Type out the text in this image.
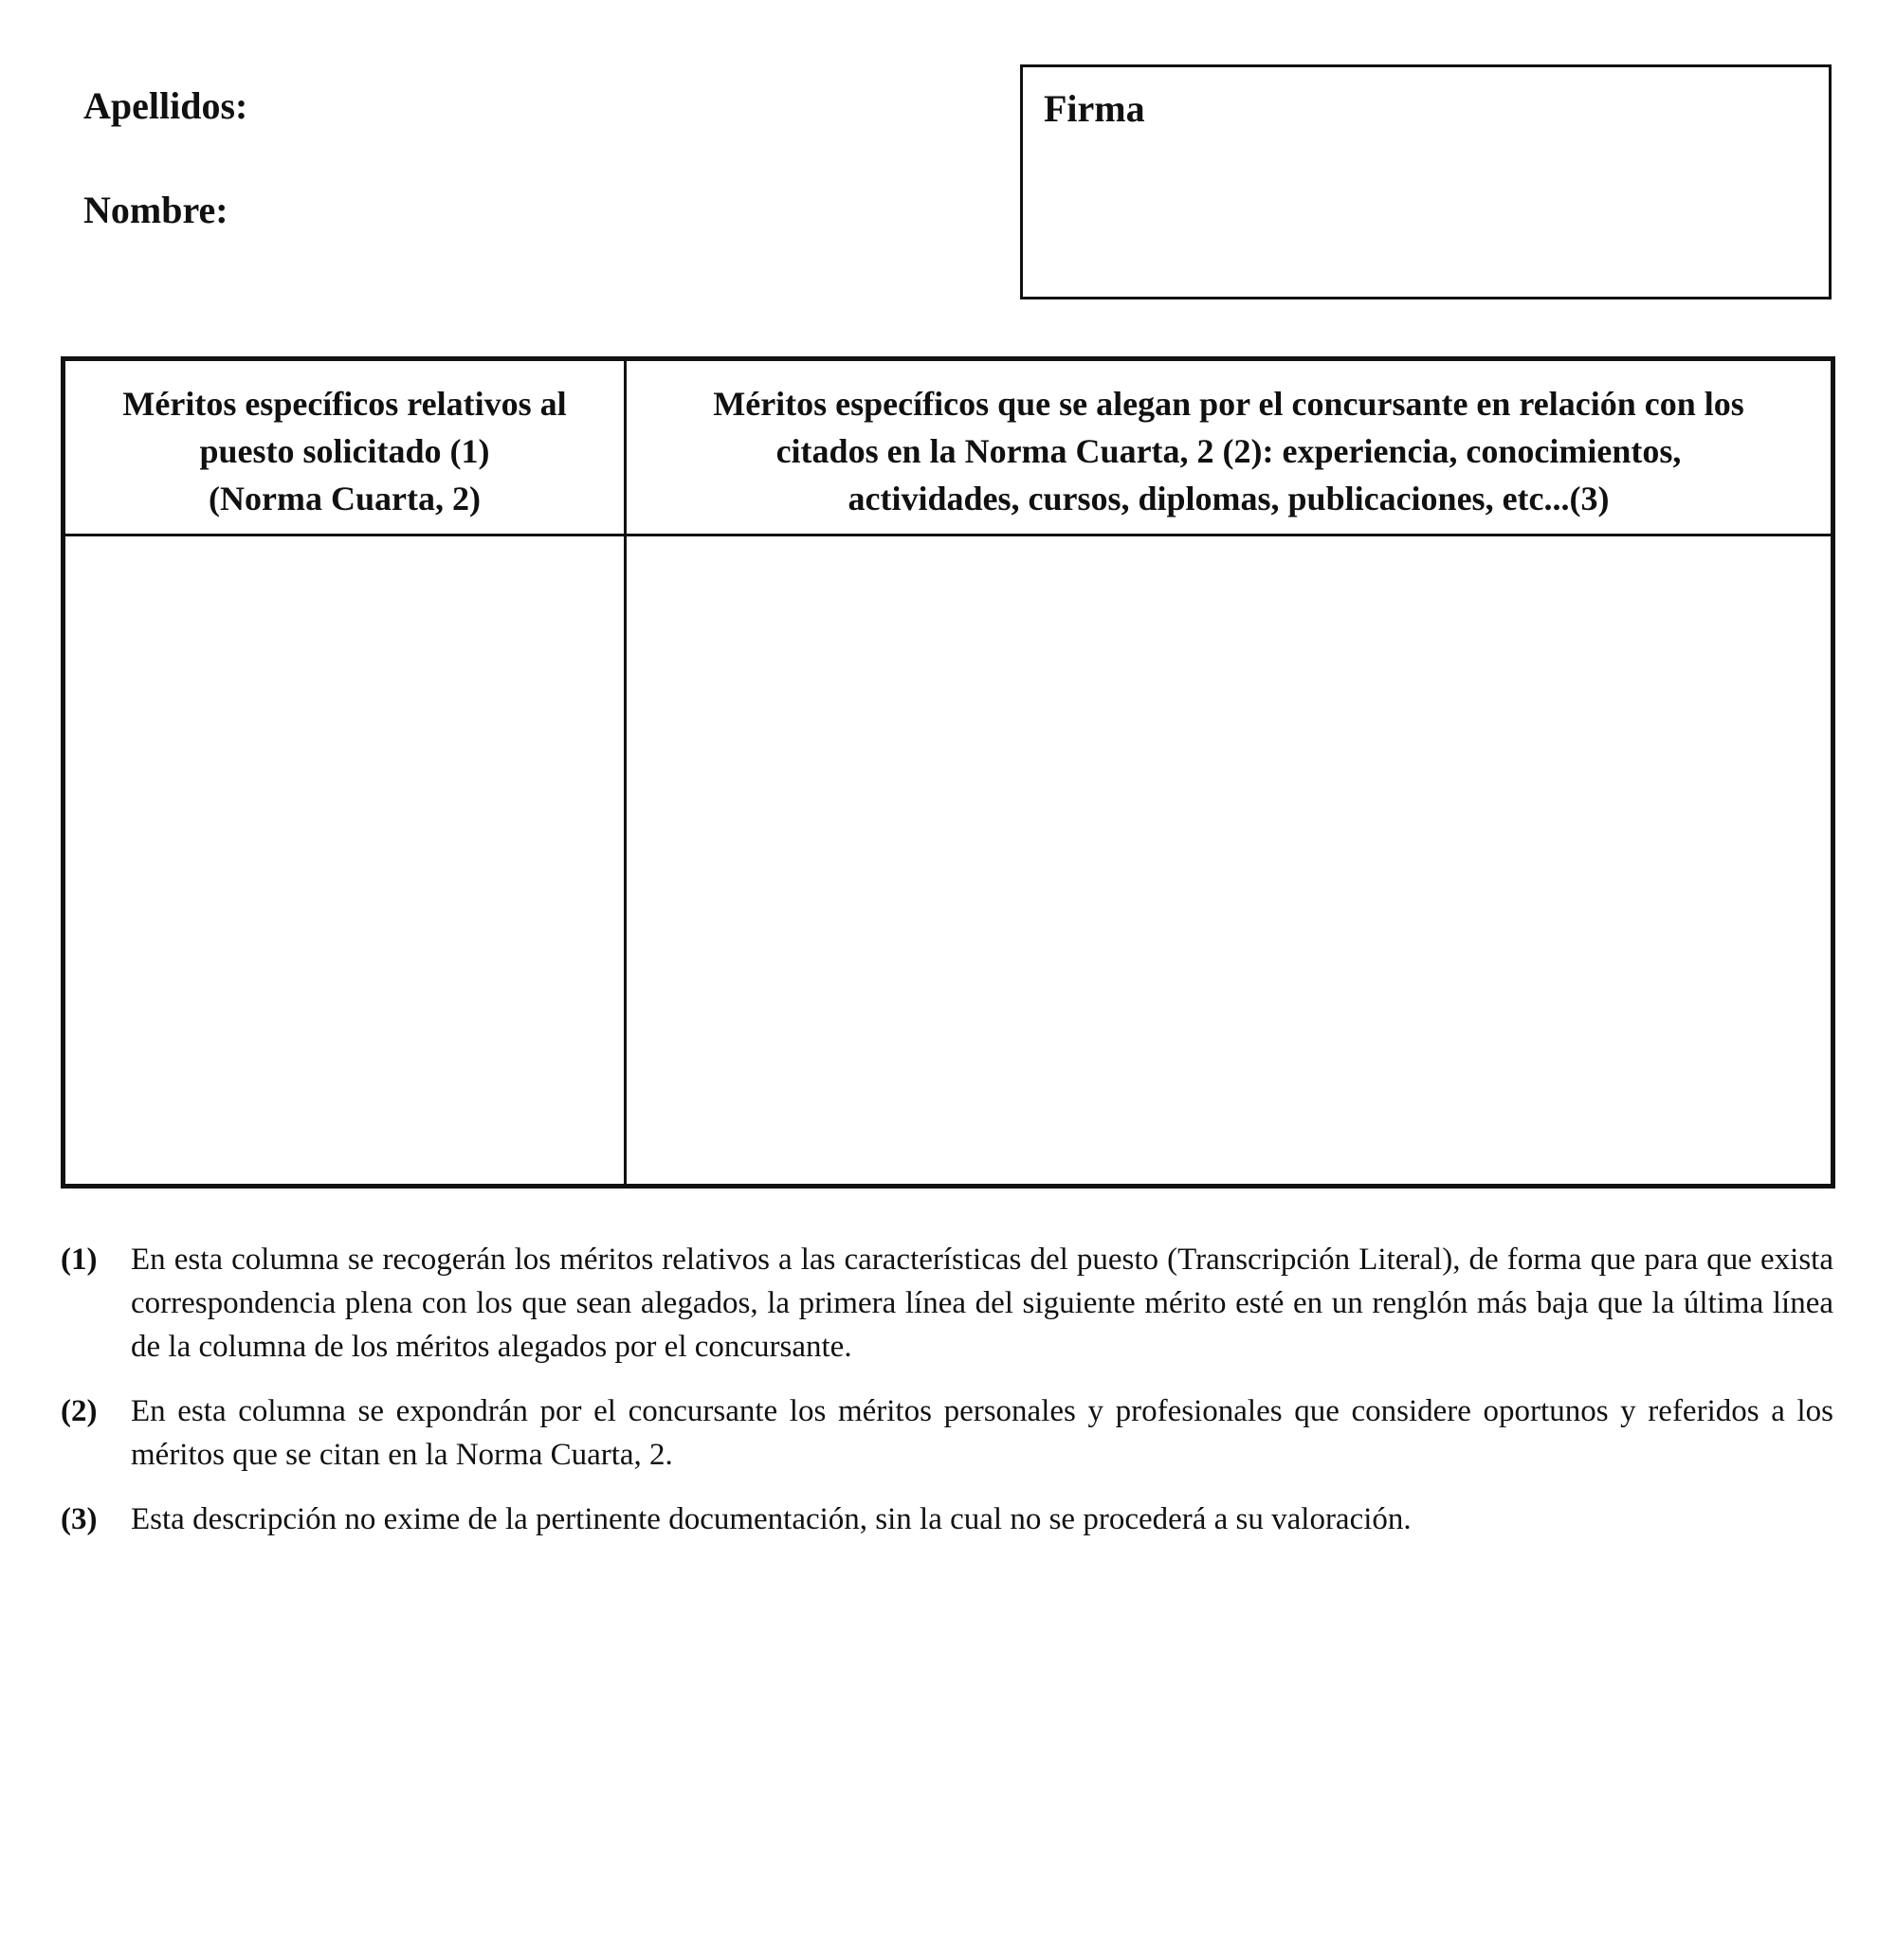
Apellidos:
Nombre:
Firma
Méritos específicos relativos al
puesto solicitado (1)
(Norma Cuarta, 2)
Méritos específicos que se alegan por el concursante en relación con los
citados en la Norma Cuarta, 2 (2): experiencia, conocimientos,
actividades, cursos, diplomas, publicaciones, etc...(3)
(1)	En esta columna se recogerán los méritos relativos a las características del puesto (Transcripción Literal), de forma que para que exista correspondencia plena con los que sean alegados, la primera línea del siguiente mérito esté en un renglón más baja que la última línea de la columna de los méritos alegados por el concursante.
(2)	En esta columna se expondrán por el concursante los méritos personales y profesionales que considere oportunos y referidos a los méritos que se citan en la Norma Cuarta, 2.
(3)	Esta descripción no exime de la pertinente documentación, sin la cual no se procederá a su valoración.
